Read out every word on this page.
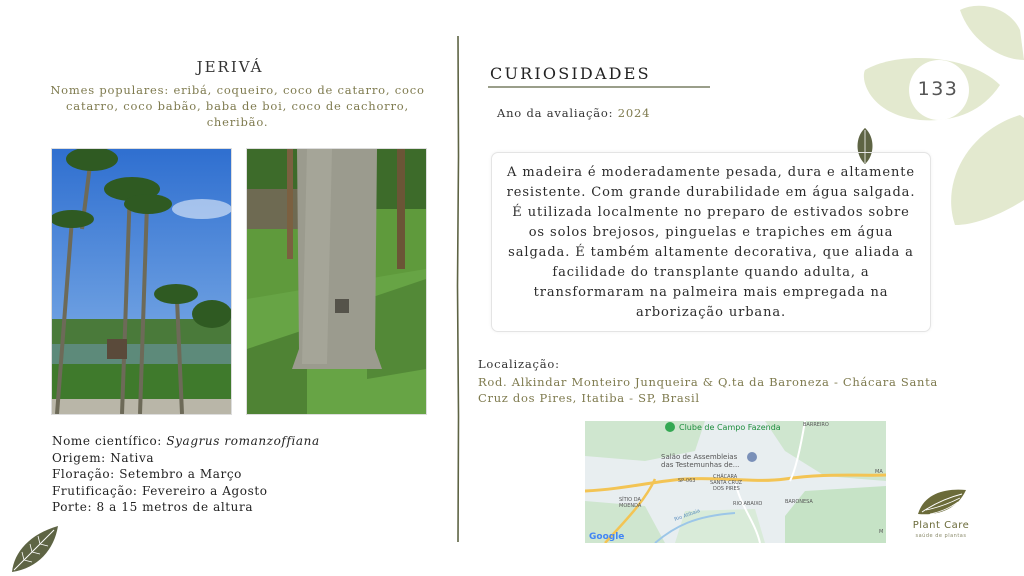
133
JERIVÁ
Nomes populares: eribá, coqueiro, coco de catarro, coco catarro, coco babão, baba de boi, coco de cachorro, cheribão.
Nome científico: Syagrus romanzoffiana
Origem: Nativa
Floração: Setembro a Março
Frutificação: Fevereiro a Agosto
Porte: 8 a 15 metros de altura
CURIOSIDADES
Ano da avaliação: 2024

A madeira é moderadamente pesada, dura e altamente resistente. Com grande durabilidade em água salgada. É utilizada localmente no preparo de estivados sobre os solos brejosos, pinguelas e trapiches em água salgada. É também altamente decorativa, que aliada a facilidade do transplante quando adulta, a transformaram na palmeira mais empregada na arborização urbana.

Localização:
Rod. Alkindar Monteiro Junqueira & Q.ta da Baroneza - Chácara Santa Cruz dos Pires, Itatiba - SP, Brasil
Clube de Campo Fazenda	BARREIRO
Salão de Assembleias
das Testemunhas de...
SP-063
CHÁCARA
SANTA CRUZ
DOS PIRES
SÍTIO DA
MOENDA	RIO ABAIXO	BARONESA
Rio Atibaia
MA
M
Google
Plant Care
saúde de plantas
